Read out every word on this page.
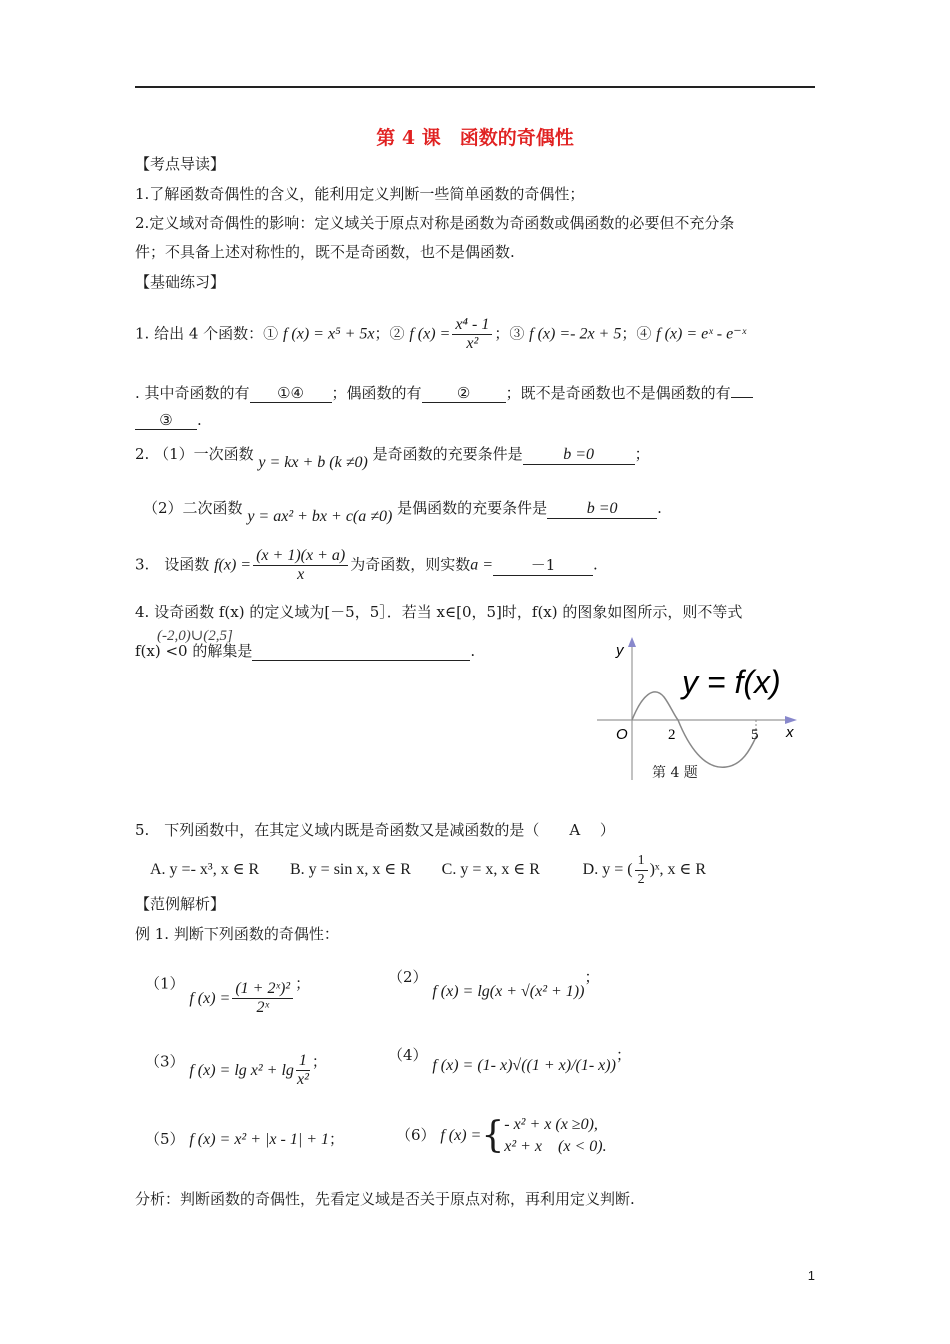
第 4 课　函数的奇偶性
【考点导读】
1.了解函数奇偶性的含义，能利用定义判断一些简单函数的奇偶性；
2.定义域对奇偶性的影响：定义域关于原点对称是函数为奇函数或偶函数的必要但不充分条
件；不具备上述对称性的，既不是奇函数，也不是偶函数.
【基础练习】
1. 给出 4 个函数：① f (x) = x⁵ + 5x；② f $(x) = \frac{\text{x⁴ - 1}}{\text{x²}}$ ；③ f (x) =- 2x + 5；④ f (x) = eˣ - e⁻ˣ
. 其中奇函数的有 ①④ ；偶函数的有 ② ；既不是奇函数也不是偶函数的有
③ .
2. （1）一次函数 y = kx + b (k ≠0) 是奇函数的充要条件是	b =0	；
（2）二次函数 y = ax² + bx + c(a ≠0) 是偶函数的充要条件是 b =0	.
3.　设函数 $f(x) = \frac{(x + 1)(x + a)}{x}$ 为奇函数，则实数a =	－1	.
4. 设奇函数 f(x) 的定义域为[－5，5］．若当 x∈[0，5]时，f(x) 的图象如图所示，则不等式
(-2,0)∪(2,5]
f(x) <0 的解集是	.	y
x
O	2	5
y = f(x)
第 4 题
5.　下列函数中，在其定义域内既是奇函数又是减函数的是（　　A　 ）
A. y =- x³, x ∈ R B. y = sin x, x ∈ R C. y = x, x ∈ R	D. y = ( $\frac{1}{2}$ )ˣ, x ∈ R
【范例解析】
例 1. 判断下列函数的奇偶性：
（1） f $(x) = \frac{\text{(1 + 2ˣ)²}}{\text{2ˣ}}$ ；	（2） f (x) = lg(x + √(x² + 1))；
（3） f $(x) = \lg x^2 + \lg \frac{1}{\text{x²}}$ ；	（4） f (x) = (1- x)√((1 + x)/(1- x))；
（5） f (x) = x² + |x - 1| + 1；	（6） f (x) ={ - x² + x (x ≥0),
x² + x　(x < 0).
分析：判断函数的奇偶性，先看定义域是否关于原点对称，再利用定义判断.
1
